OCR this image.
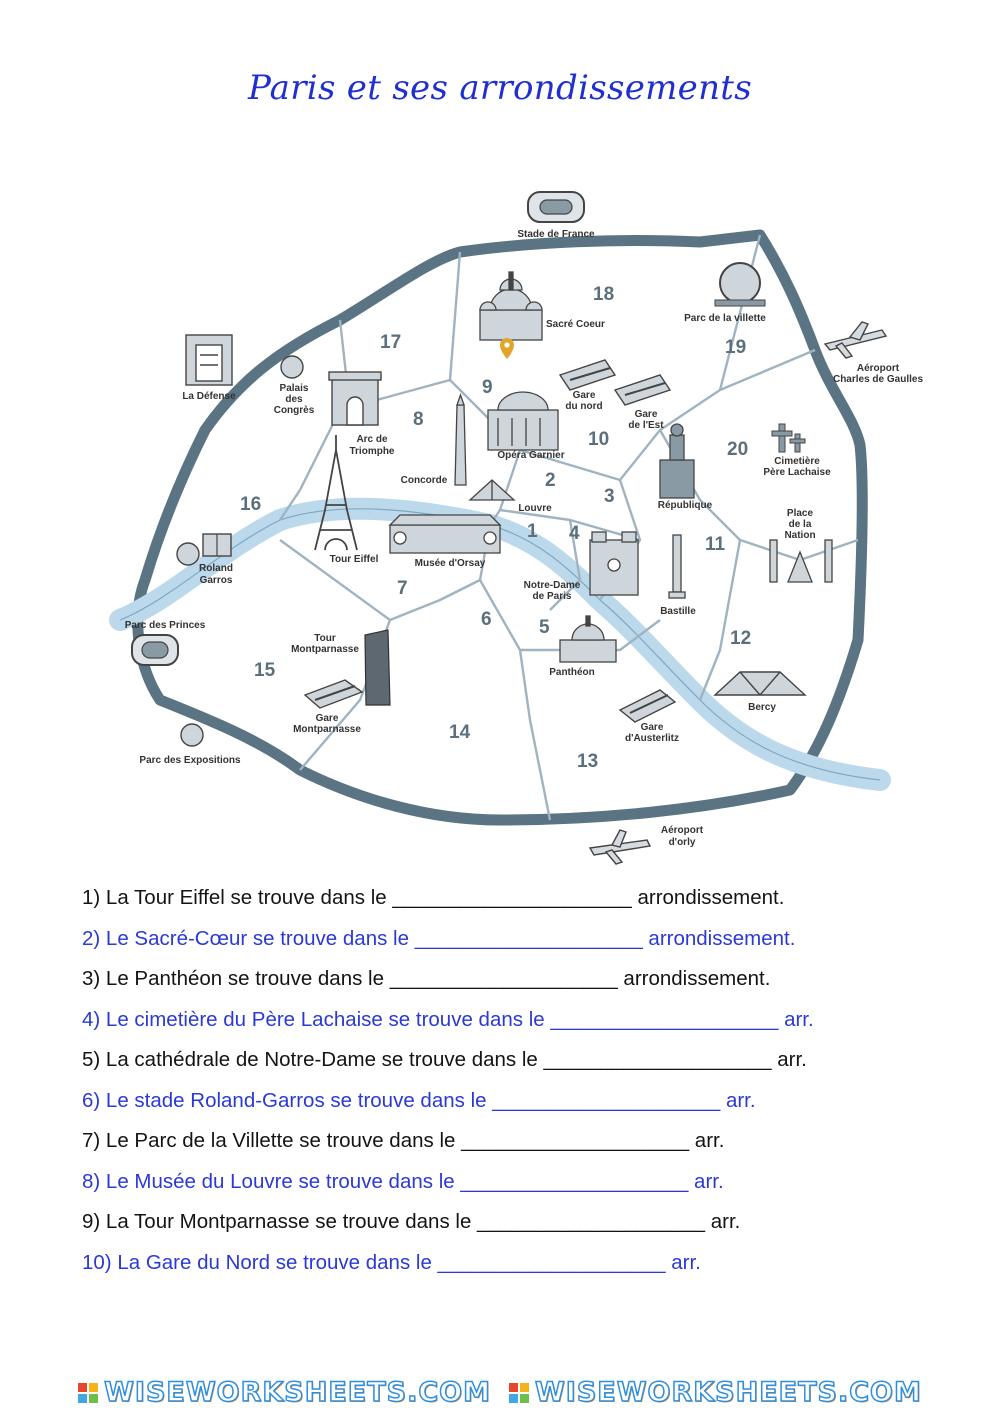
Paris et ses arrondissements
18
17	19
9
8
10	20
2
3
16
1 4
11
7
6 5
12
15
14
13
Stade de France
Sacré Coeur
Parc de la villette
Aéroport
Charles de Gaulles
La Défense
Palais
des
Congrès
Arc de
Triomphe
Gare
du nord
Gare
de l'Est
Opéra Garnier
Cimetière
Père Lachaise
Concorde
Louvre	République
Place
de la
Nation
Tour Eiffel	Musée d'Orsay
Roland
Garros	Notre-Dame
de Paris
Bastille
Parc des Princes
Tour
Montparnasse
Panthéon
Gare
Montparnasse
Bercy
Gare
d'Austerlitz
Parc des Expositions
Aéroport
d'orly
1) La Tour Eiffel se trouve dans le _____________________ arrondissement.
2) Le Sacré-Cœur se trouve dans le ____________________ arrondissement.
3) Le Panthéon se trouve dans le ____________________ arrondissement.
4) Le cimetière du Père Lachaise se trouve dans le ____________________ arr.
5) La cathédrale de Notre-Dame se trouve dans le ____________________ arr.
6) Le stade Roland-Garros se trouve dans le ____________________ arr.
7) Le Parc de la Villette se trouve dans le ____________________ arr.
8) Le Musée du Louvre se trouve dans le ____________________ arr.
9) La Tour Montparnasse se trouve dans le ____________________ arr.
10) La Gare du Nord se trouve dans le ____________________ arr.
WISEWORKSHEETS.COM WISEWORKSHEETS.COM
